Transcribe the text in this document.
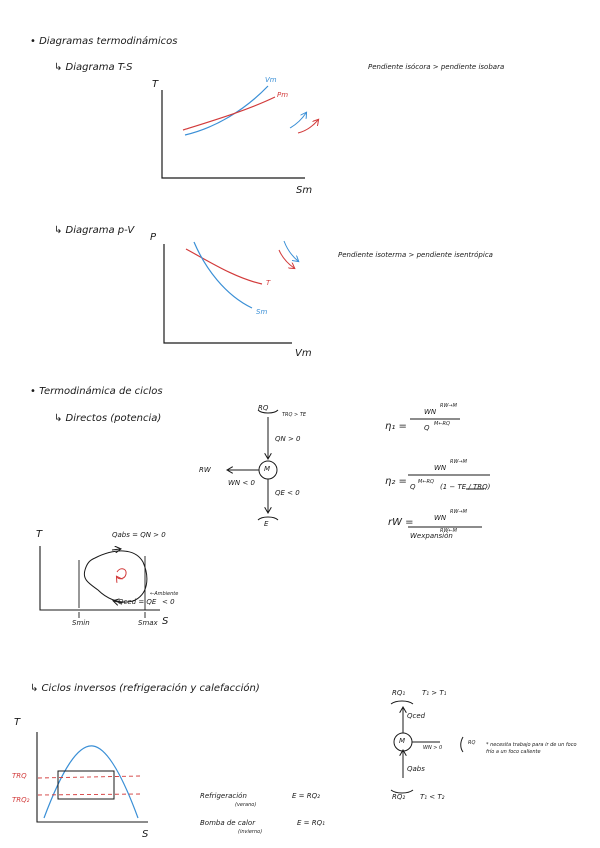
• Diagramas termodinámicos
↳ Diagrama T-S
T
Sm
Vm
Pm
Pendiente isócora > pendiente isobara
↳ Diagrama p-V
P
Vm
T
Sm
Pendiente isoterma > pendiente isentrópica
• Termodinámica de ciclos
↳ Directos (potencia)
RQ
TRQ > TE
QN > 0
M
RW
WN < 0
QE < 0
E
η₁ =
WN
RW→M
Q M←RQ
η₂ =
WN
RW→M
Q
M←RQ
(1 − TE / TRQ)
rW =	WN
RW→M
Wexpansión
RW←M
T	Qabs = QN > 0
Qced = QE < 0
←Ambiente
Smin	Smax S
↳ Ciclos inversos (refrigeración y calefacción)
T
S
TRQ
TRQ₂	Refrigeración
(verano)
E = RQ₂
Bomba de calor
(invierno)
E = RQ₁
RQ₁ T₁ > T₁
Qced
M
WN > 0
RQ * necesita trabajo para ir de un foco frío a un foco caliente
Qabs
RQ₂ T₁ < T₂
